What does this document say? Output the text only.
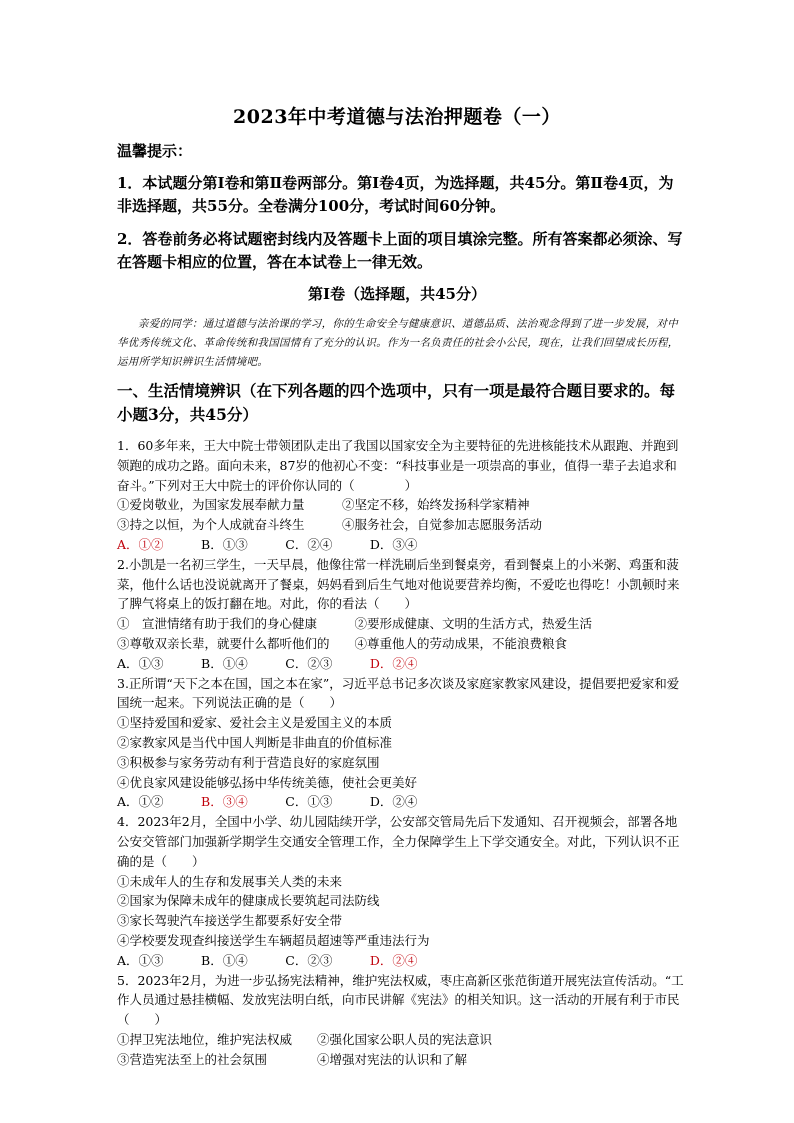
2023年中考道德与法治押题卷（一）
温馨提示：
1．本试题分第Ⅰ卷和第Ⅱ卷两部分。第Ⅰ卷4页，为选择题，共45分。第Ⅱ卷4页，为非选择题，共55分。全卷满分100分，考试时间60分钟。
2．答卷前务必将试题密封线内及答题卡上面的项目填涂完整。所有答案都必须涂、写在答题卡相应的位置，答在本试卷上一律无效。
第Ⅰ卷（选择题，共45分）
亲爱的同学：通过道德与法治课的学习，你的生命安全与健康意识、道德品质、法治观念得到了进一步发展，对中华优秀传统文化、革命传统和我国国情有了充分的认识。作为一名负责任的社会小公民，现在，让我们回望成长历程，运用所学知识辨识生活情境吧。
一、生活情境辨识（在下列各题的四个选项中，只有一项是最符合题目要求的。每小题3分，共45分）

1．60多年来，王大中院士带领团队走出了我国以国家安全为主要特征的先进核能技术从跟跑、并跑到领跑的成功之路。面向未来，87岁的他初心不变：“科技事业是一项崇高的事业，值得一辈子去追求和奋斗。”下列对王大中院士的评价你认同的（　　　　）

①爱岗敬业，为国家发展奉献力量　　　②坚定不移，始终发扬科学家精神

③持之以恒，为个人成就奋斗终生　　　④服务社会，自觉参加志愿服务活动

A．①②　　　	B．①③　　　	C．②④　　　	D．③④

2.小凯是一名初三学生，一天早晨，他像往常一样洗刷后坐到餐桌旁，看到餐桌上的小米粥、鸡蛋和菠菜，他什么话也没说就离开了餐桌，妈妈看到后生气地对他说要营养均衡，不爱吃也得吃！小凯顿时来了脾气将桌上的饭打翻在地。对此，你的看法（　　）

①　宣泄情绪有助于我们的身心健康　　　②要形成健康、文明的生活方式，热爱生活

③尊敬双亲长辈，就要什么都听他们的　　④尊重他人的劳动成果，不能浪费粮食

A．①③　　　	B．①④　　　	C．②③　　　	D．②④

3.正所谓“天下之本在国，国之本在家”，习近平总书记多次谈及家庭家教家风建设，提倡要把爱家和爱国统一起来。下列说法正确的是（　　）

①坚持爱国和爱家、爱社会主义是爱国主义的本质

②家教家风是当代中国人判断是非曲直的价值标准

③积极参与家务劳动有利于营造良好的家庭氛围

④优良家风建设能够弘扬中华传统美德，使社会更美好

A．①②　　　	B．③④　　　	C．①③　　　	D．②④

4．2023年2月，全国中小学、幼儿园陆续开学，公安部交管局先后下发通知、召开视频会，部署各地公安交管部门加强新学期学生交通安全管理工作，全力保障学生上下学交通安全。对此，下列认识不正确的是（　　）

①未成年人的生存和发展事关人类的未来

②国家为保障未成年的健康成长要筑起司法防线

③家长驾驶汽车接送学生都要系好安全带

④学校要发现查纠接送学生车辆超员超速等严重违法行为

A．①③　　　	B．①④　　　	C．②③　　　	D．②④

5．2023年2月，为进一步弘扬宪法精神，维护宪法权威，枣庄高新区张范街道开展宪法宣传活动。“工作人员通过悬挂横幅、发放宪法明白纸，向市民讲解《宪法》的相关知识。这一活动的开展有利于市民（　　）

①捍卫宪法地位，维护宪法权威　　②强化国家公职人员的宪法意识

③营造宪法至上的社会氛围　　　　④增强对宪法的认识和了解
